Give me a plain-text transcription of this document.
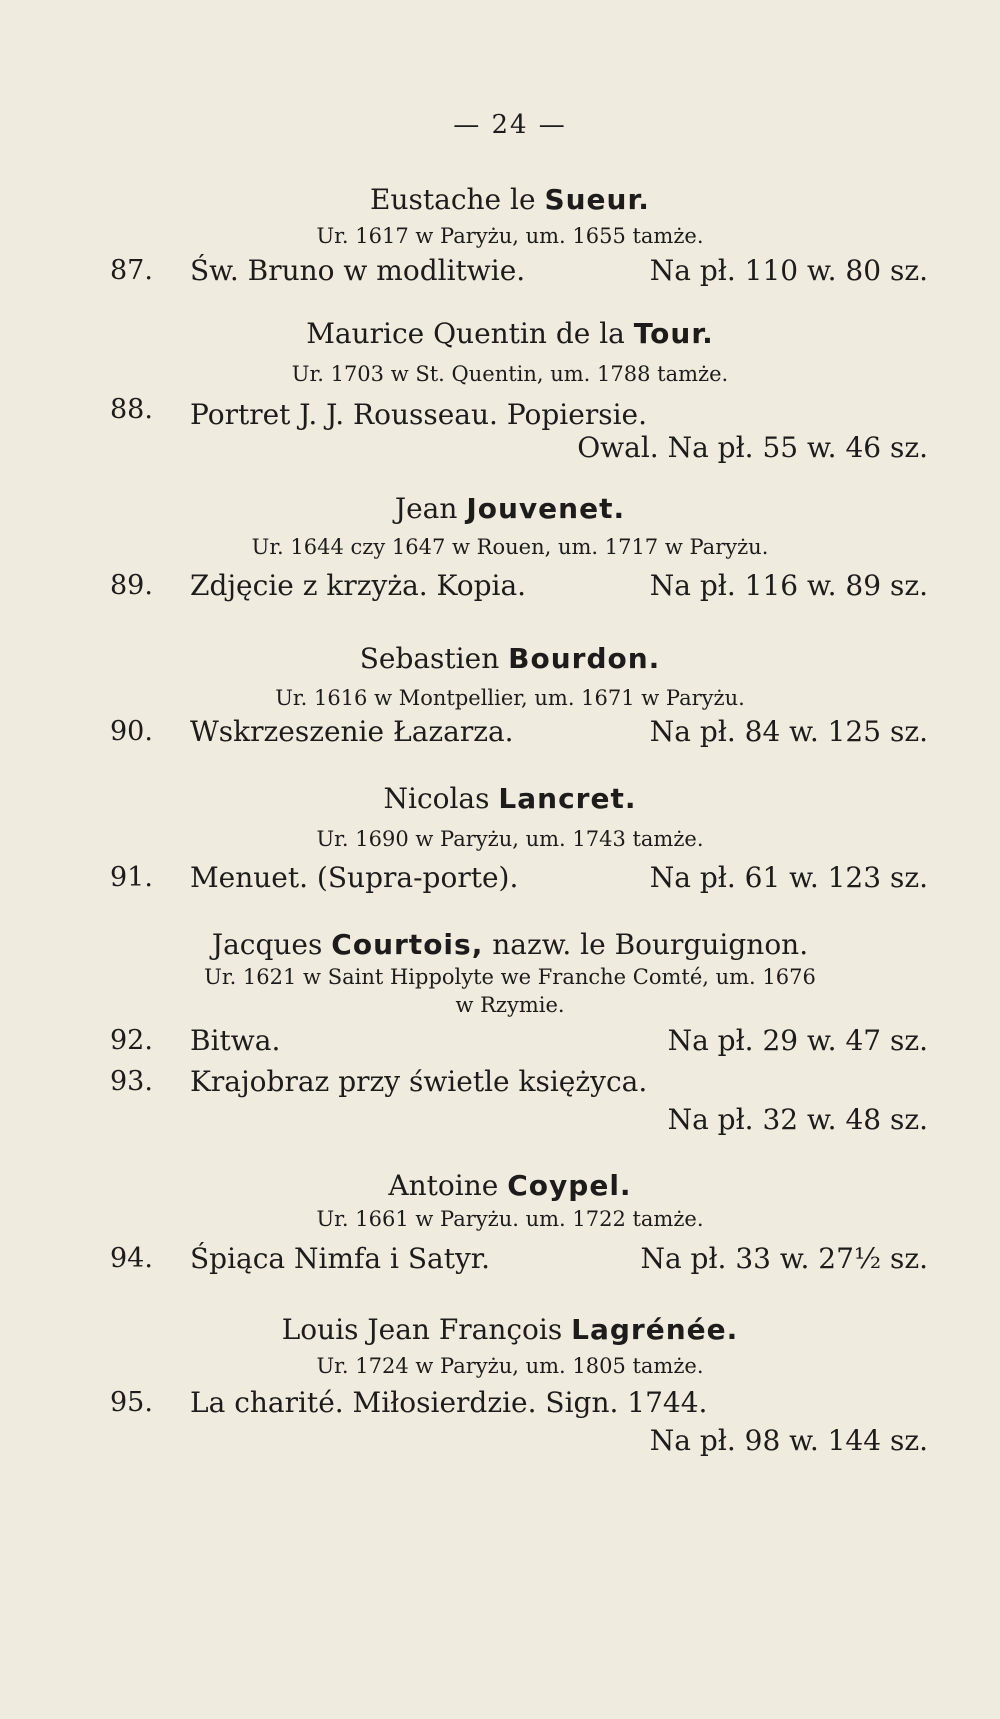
— 24 —
Eustache le Sueur.
Ur. 1617 w Paryżu, um. 1655 tamże.
87. Św. Bruno w modlitwie.	Na pł. 110 w. 80 sz.
Maurice Quentin de la Tour.
Ur. 1703 w St. Quentin, um. 1788 tamże.
88. Portret J. J. Rousseau. Popiersie.
Owal. Na pł. 55 w. 46 sz.
Jean Jouvenet.
Ur. 1644 czy 1647 w Rouen, um. 1717 w Paryżu.
89. Zdjęcie z krzyża. Kopia.	Na pł. 116 w. 89 sz.
Sebastien Bourdon.
Ur. 1616 w Montpellier, um. 1671 w Paryżu.
90. Wskrzeszenie Łazarza.	Na pł. 84 w. 125 sz.
Nicolas Lancret.
Ur. 1690 w Paryżu, um. 1743 tamże.
91. Menuet. (Supra-porte).	Na pł. 61 w. 123 sz.
Jacques Courtois, nazw. le Bourguignon.
Ur. 1621 w Saint Hippolyte we Franche Comté, um. 1676
w Rzymie.
92. Bitwa.	Na pł. 29 w. 47 sz.
93. Krajobraz przy świetle księżyca.
Na pł. 32 w. 48 sz.
Antoine Coypel.
Ur. 1661 w Paryżu. um. 1722 tamże.
94. Śpiąca Nimfa i Satyr.	Na pł. 33 w. 27½ sz.
Louis Jean François Lagrénée.
Ur. 1724 w Paryżu, um. 1805 tamże.
95. La charité. Miłosierdzie. Sign. 1744.
Na pł. 98 w. 144 sz.
